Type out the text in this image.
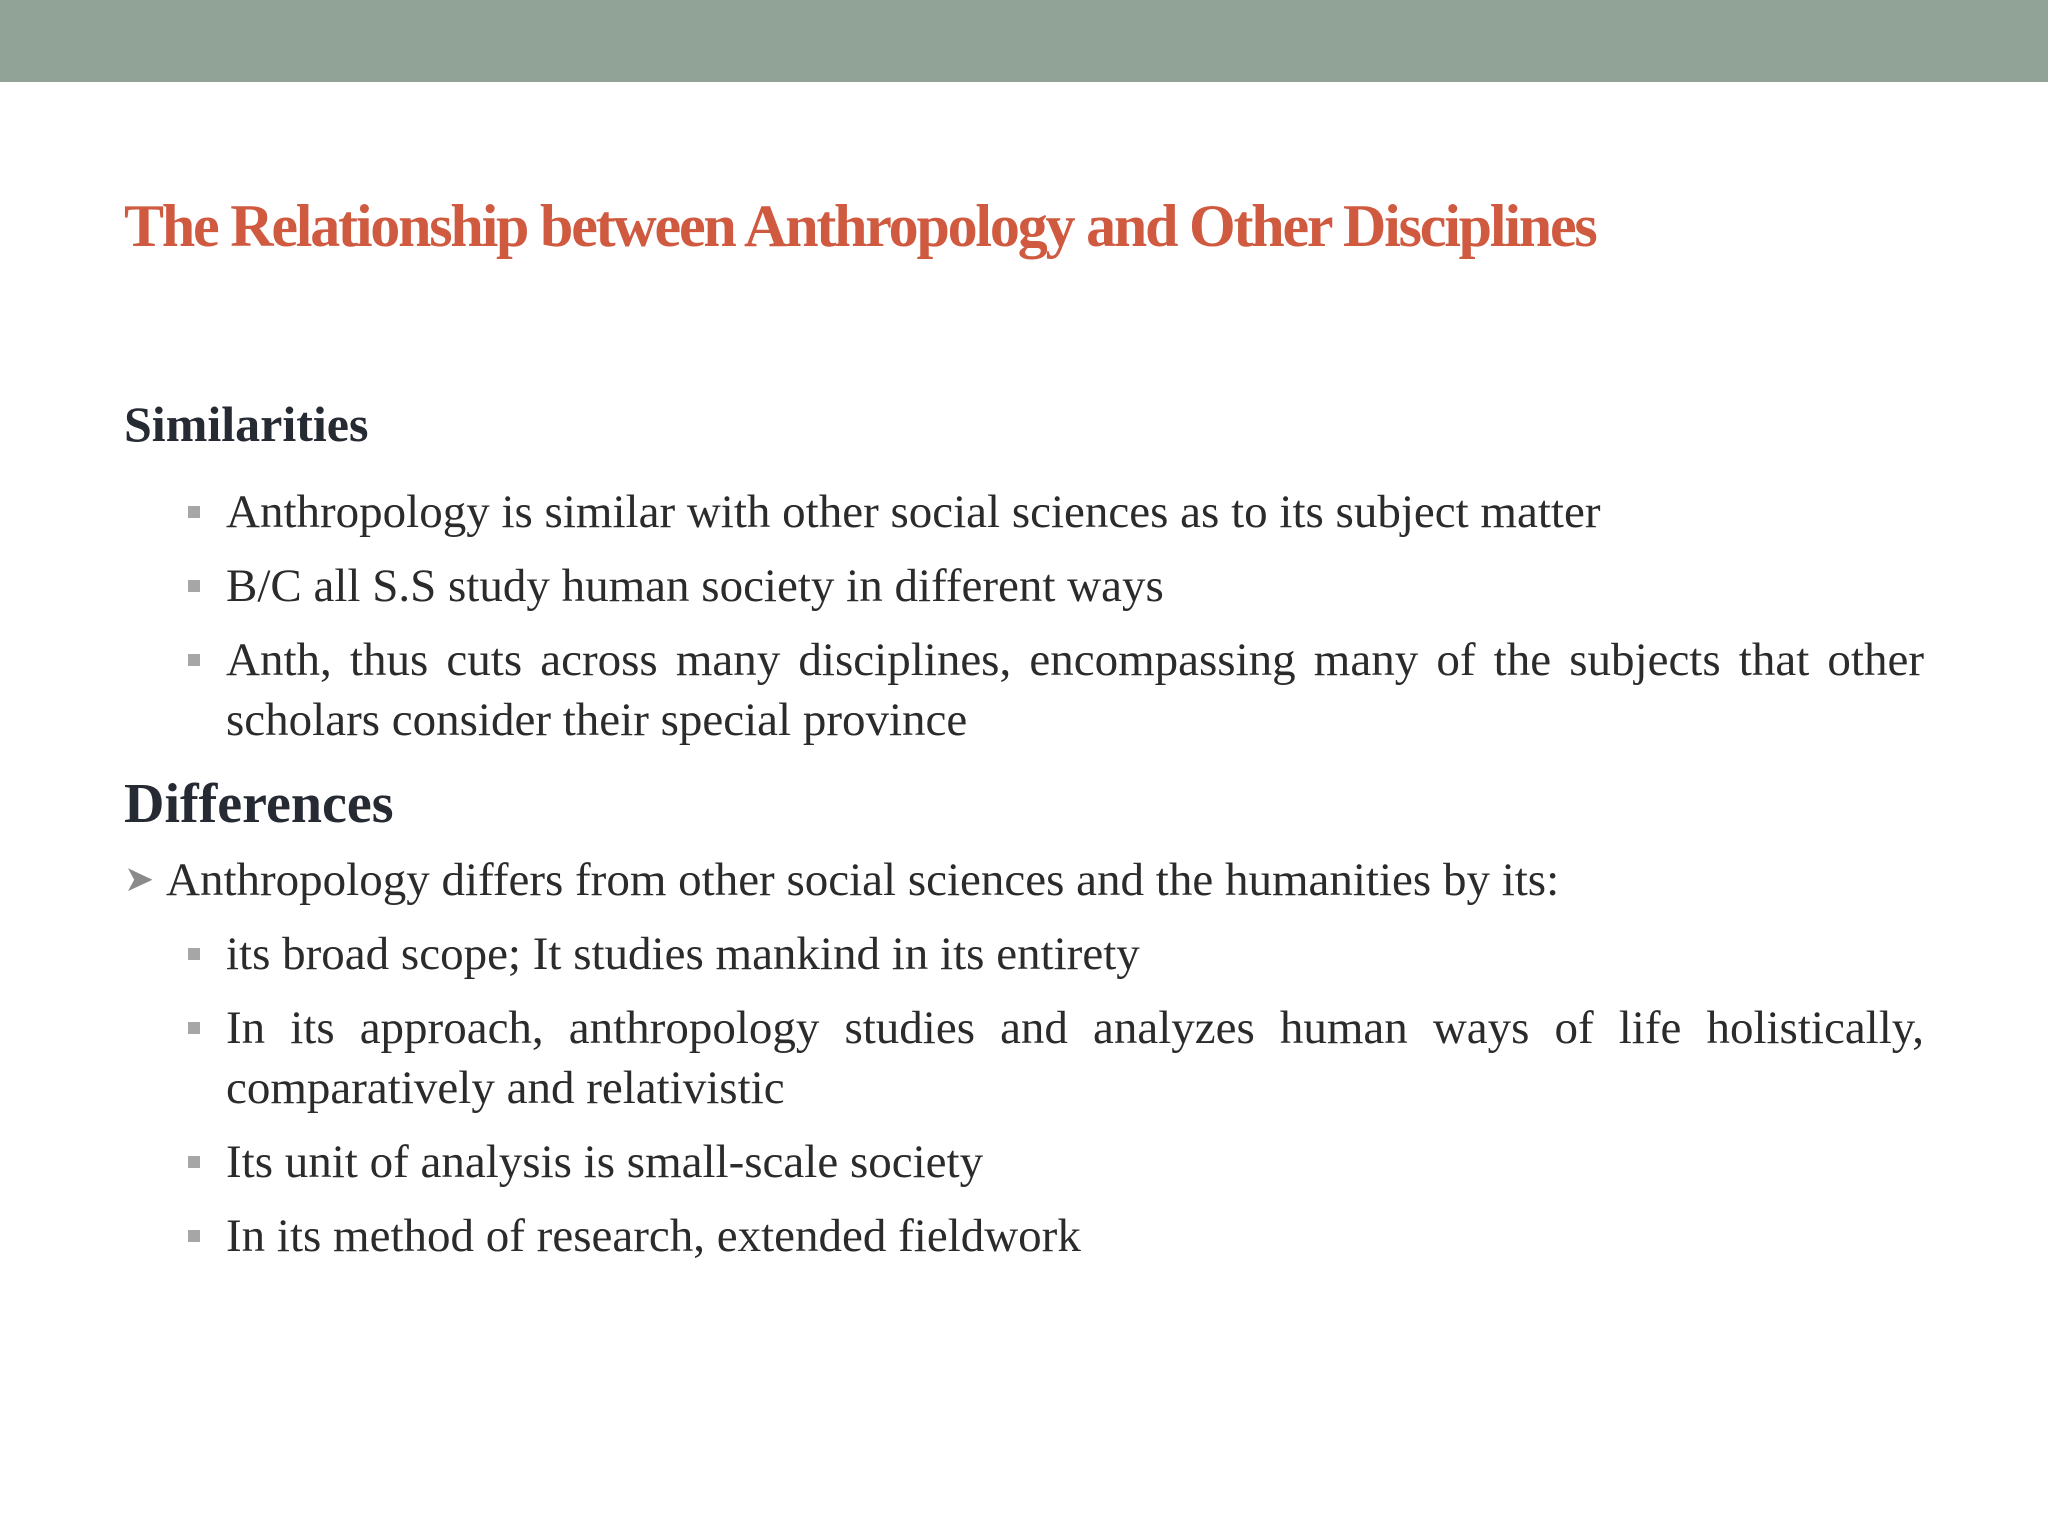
The Relationship between Anthropology and Other Disciplines
Similarities
Anthropology is similar with other social sciences as to its subject matter
B/C all S.S study human society in different ways
Anth, thus cuts across many disciplines, encompassing many of the subjects that other scholars consider their special province
Differences

➤ Anthropology differs from other social sciences and the humanities by its:

its broad scope; It studies mankind in its entirety
In its approach, anthropology studies and analyzes human ways of life holistically, comparatively and relativistic
Its unit of analysis is small-scale society
In its method of research, extended fieldwork
